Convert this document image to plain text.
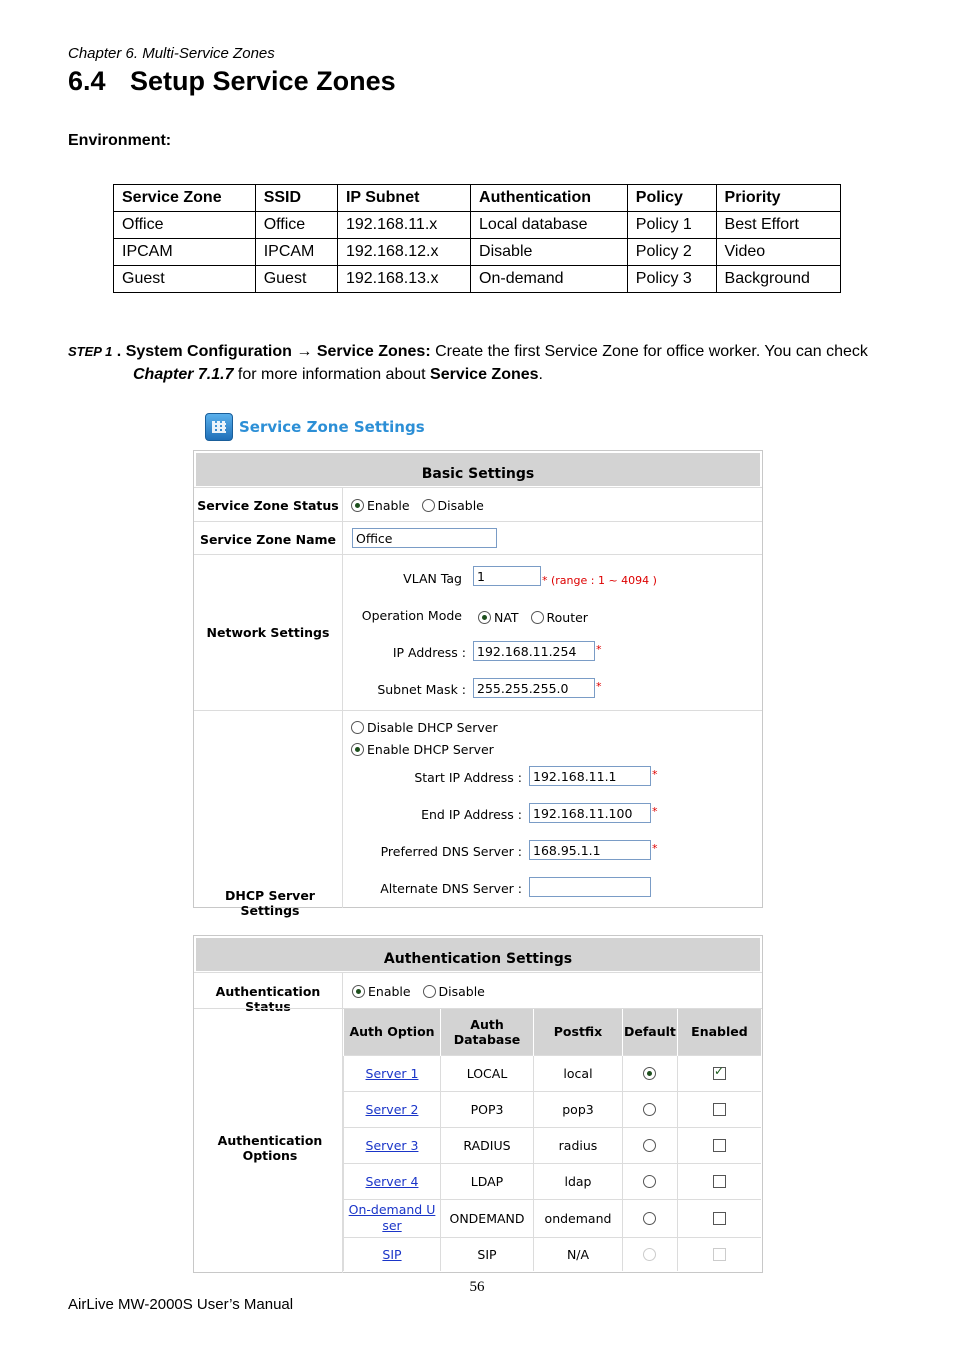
Chapter 6. Multi-Service Zones
6.4 Setup Service Zones
Environment:
Service Zone	SSID	IP Subnet	Authentication	Policy	Priority
Office	Office	192.168.11.x	Local database	Policy 1	Best Effort
IPCAM	IPCAM	192.168.12.x	Disable	Policy 2	Video
Guest	Guest	192.168.13.x	On-demand	Policy 3	Background
STEP 1 . System Configuration → Service Zones: Create the first Service Zone for office worker. You can check
Chapter 7.1.7 for more information about Service Zones.
Service Zone Settings
Basic Settings
Service Zone Status	Enable Disable
Service Zone Name	Office
Network Settings
VLAN Tag	1	* (range : 1 ~ 4094 )
Operation Mode	NAT Router
IP Address : 192.168.11.254	*
Subnet Mask : 255.255.255.0	*
DHCP Server Settings
Disable DHCP Server
Enable DHCP Server
Start IP Address : 192.168.11.1	*
End IP Address : 192.168.11.100	*
Preferred DNS Server : 168.95.1.1	*
Alternate DNS Server :
Authentication Settings
Authentication Status
Enable Disable
Authentication Options
Auth Option	Auth Database	Postfix	Default	Enabled
Server 1	LOCAL	local		✓
Server 2	POP3	pop3		
Server 3	RADIUS	radius		
Server 4	LDAP	ldap		
On-demand User	ONDEMAND	ondemand		
SIP	SIP	N/A		
56
AirLive MW-2000S User’s Manual
